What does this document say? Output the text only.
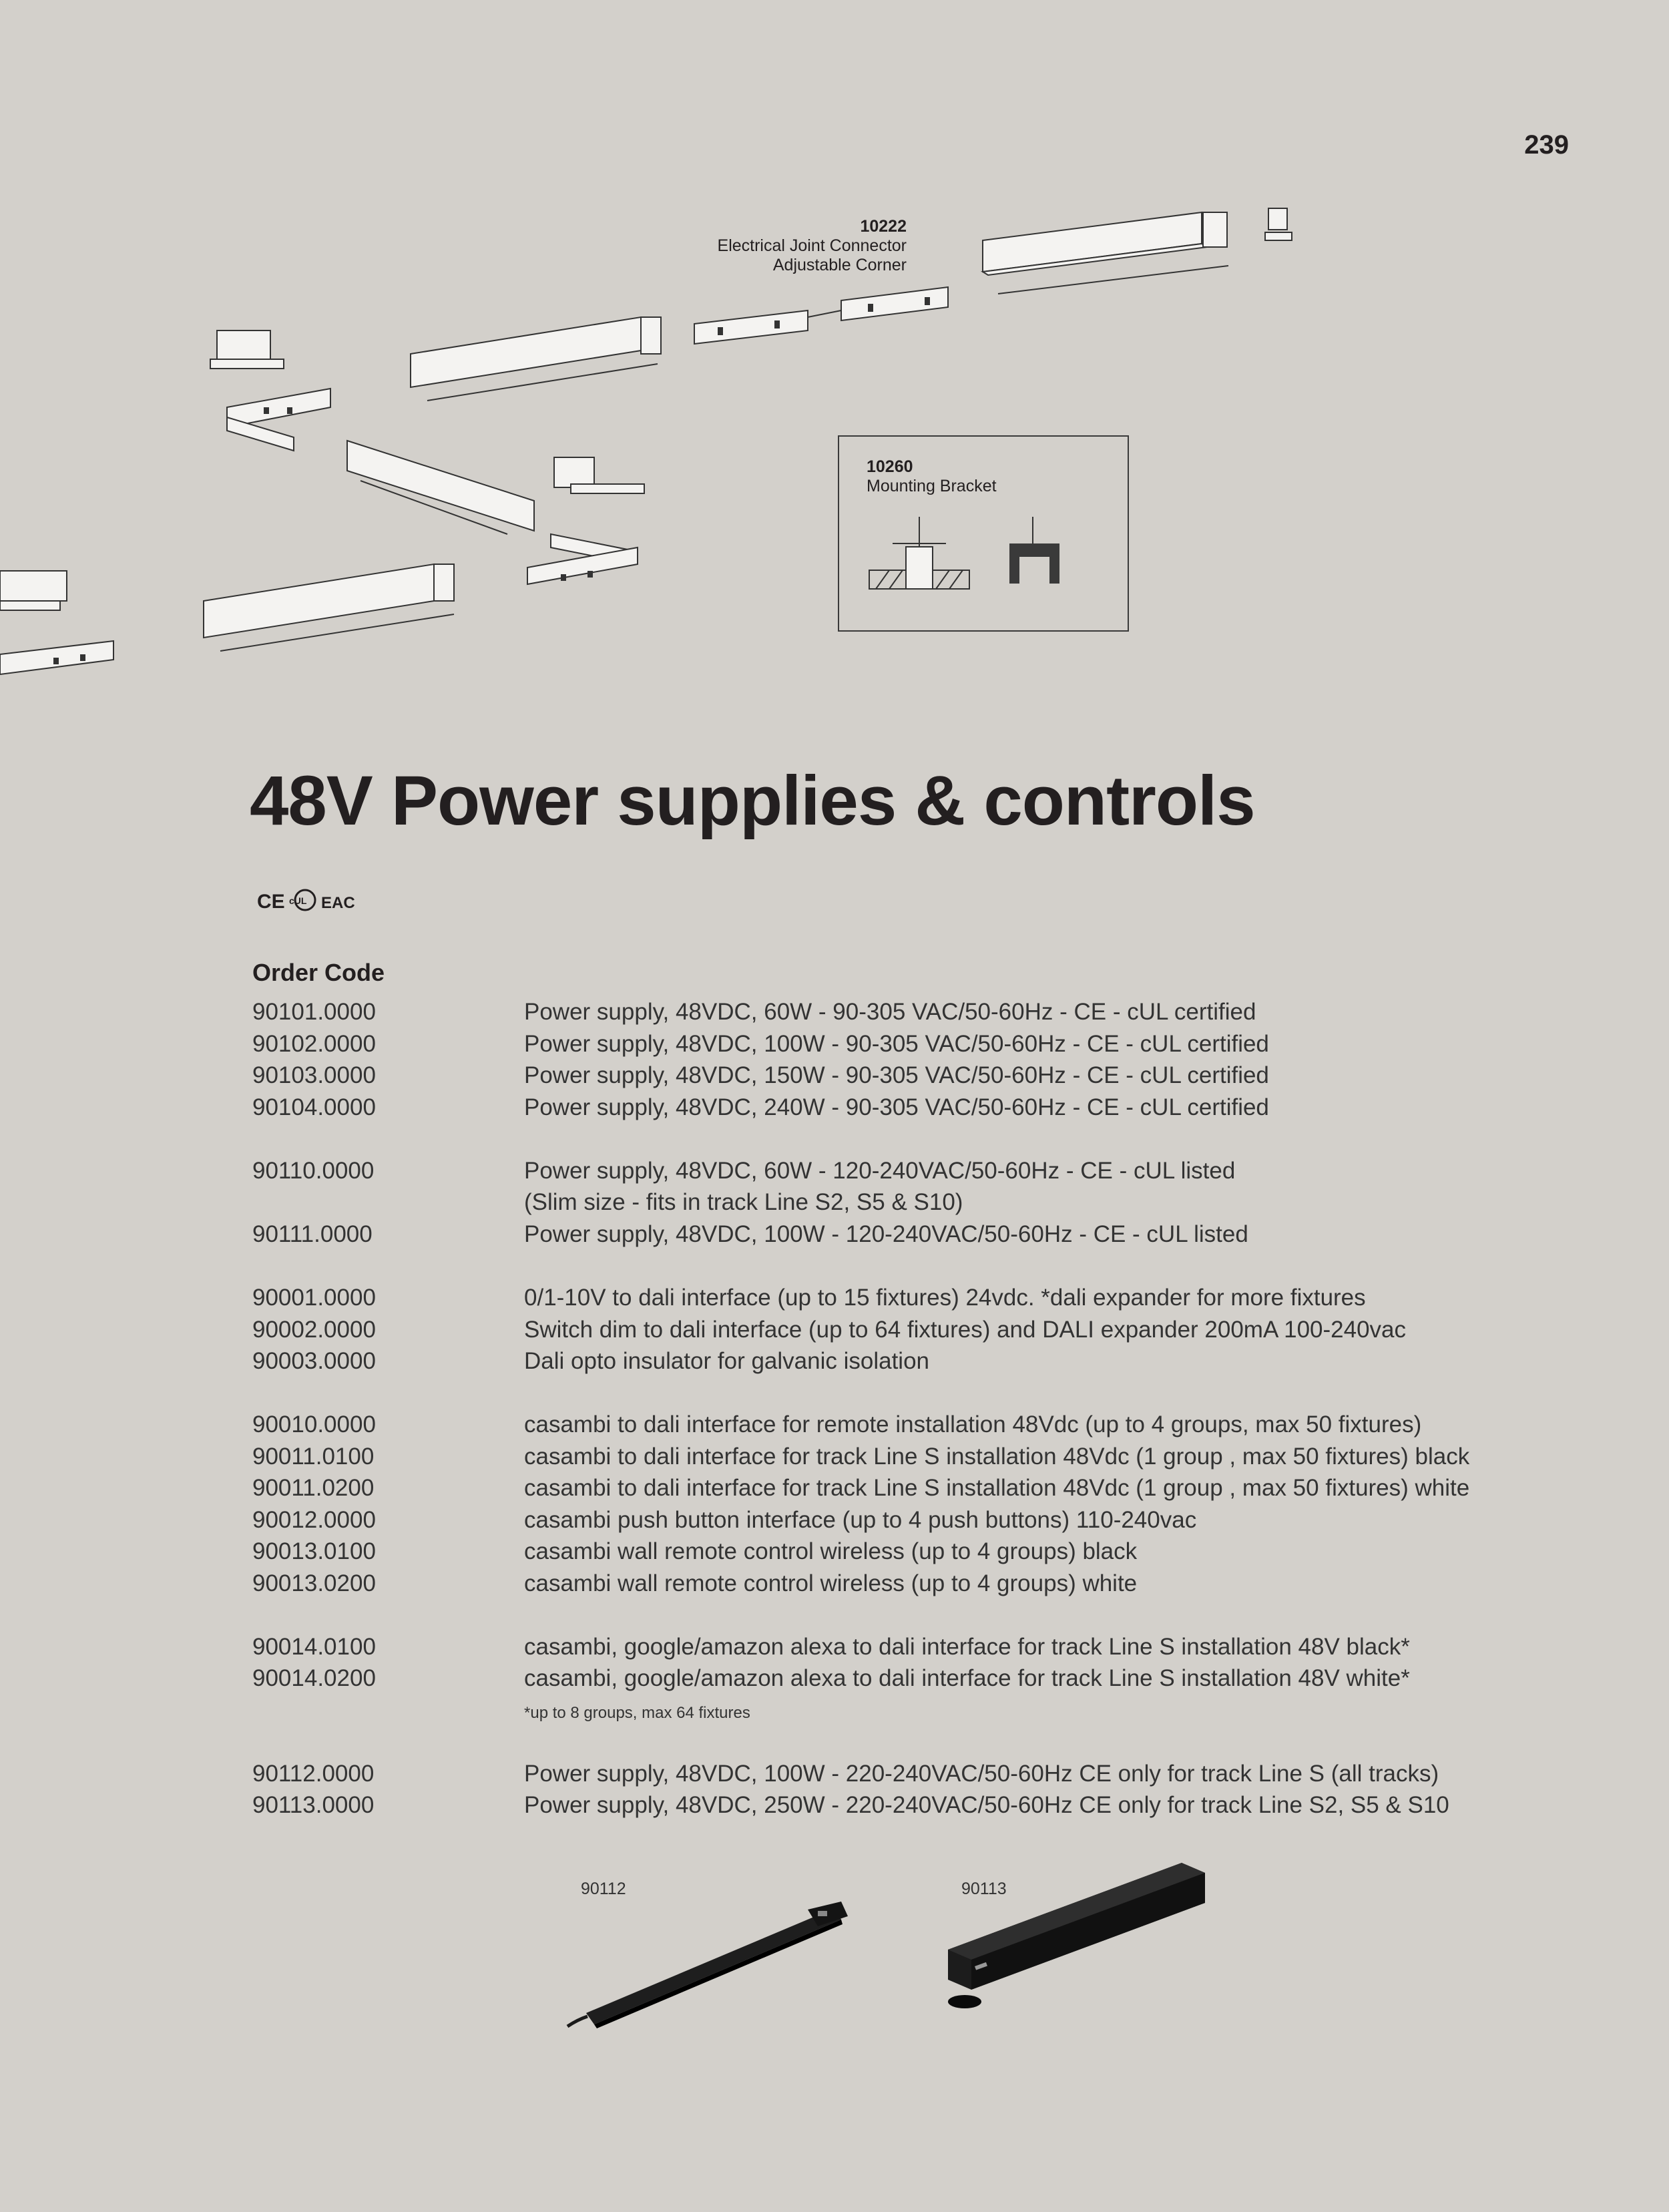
239
10222
Electrical Joint Connector
Adjustable Corner
10260
Mounting Bracket
48V Power supplies & controls
CE cUL EAC
Order Code
90101.0000	Power supply, 48VDC, 60W - 90-305 VAC/50-60Hz - CE - cUL certified
90102.0000	Power supply, 48VDC, 100W - 90-305 VAC/50-60Hz - CE - cUL certified
90103.0000	Power supply, 48VDC, 150W - 90-305 VAC/50-60Hz - CE - cUL certified
90104.0000	Power supply, 48VDC, 240W - 90-305 VAC/50-60Hz - CE - cUL certified
90110.0000	Power supply, 48VDC, 60W - 120-240VAC/50-60Hz - CE - cUL listed
(Slim size - fits in track Line S2, S5 & S10)
90111.0000	Power supply, 48VDC, 100W - 120-240VAC/50-60Hz - CE - cUL listed
90001.0000	0/1-10V to dali interface (up to 15 fixtures) 24vdc. *dali expander for more fixtures
90002.0000	Switch dim to dali interface (up to 64 fixtures) and DALI expander 200mA 100-240vac
90003.0000	Dali opto insulator for galvanic isolation
90010.0000	casambi to dali interface for remote installation 48Vdc (up to 4 groups, max 50 fixtures)
90011.0100	casambi to dali interface for track Line S installation 48Vdc (1 group , max 50 fixtures) black
90011.0200	casambi to dali interface for track Line S installation 48Vdc (1 group , max 50 fixtures) white
90012.0000	casambi push button interface (up to 4 push buttons) 110-240vac
90013.0100	casambi wall remote control wireless (up to 4 groups) black
90013.0200	casambi wall remote control wireless (up to 4 groups) white
90014.0100	casambi, google/amazon alexa to dali interface for track Line S installation 48V black*
90014.0200	casambi, google/amazon alexa to dali interface for track Line S installation 48V white*
*up to 8 groups, max 64 fixtures
90112.0000	Power supply, 48VDC, 100W - 220-240VAC/50-60Hz CE only for track Line S (all tracks)
90113.0000	Power supply, 48VDC, 250W - 220-240VAC/50-60Hz CE only for track Line S2, S5 & S10
90112	90113
